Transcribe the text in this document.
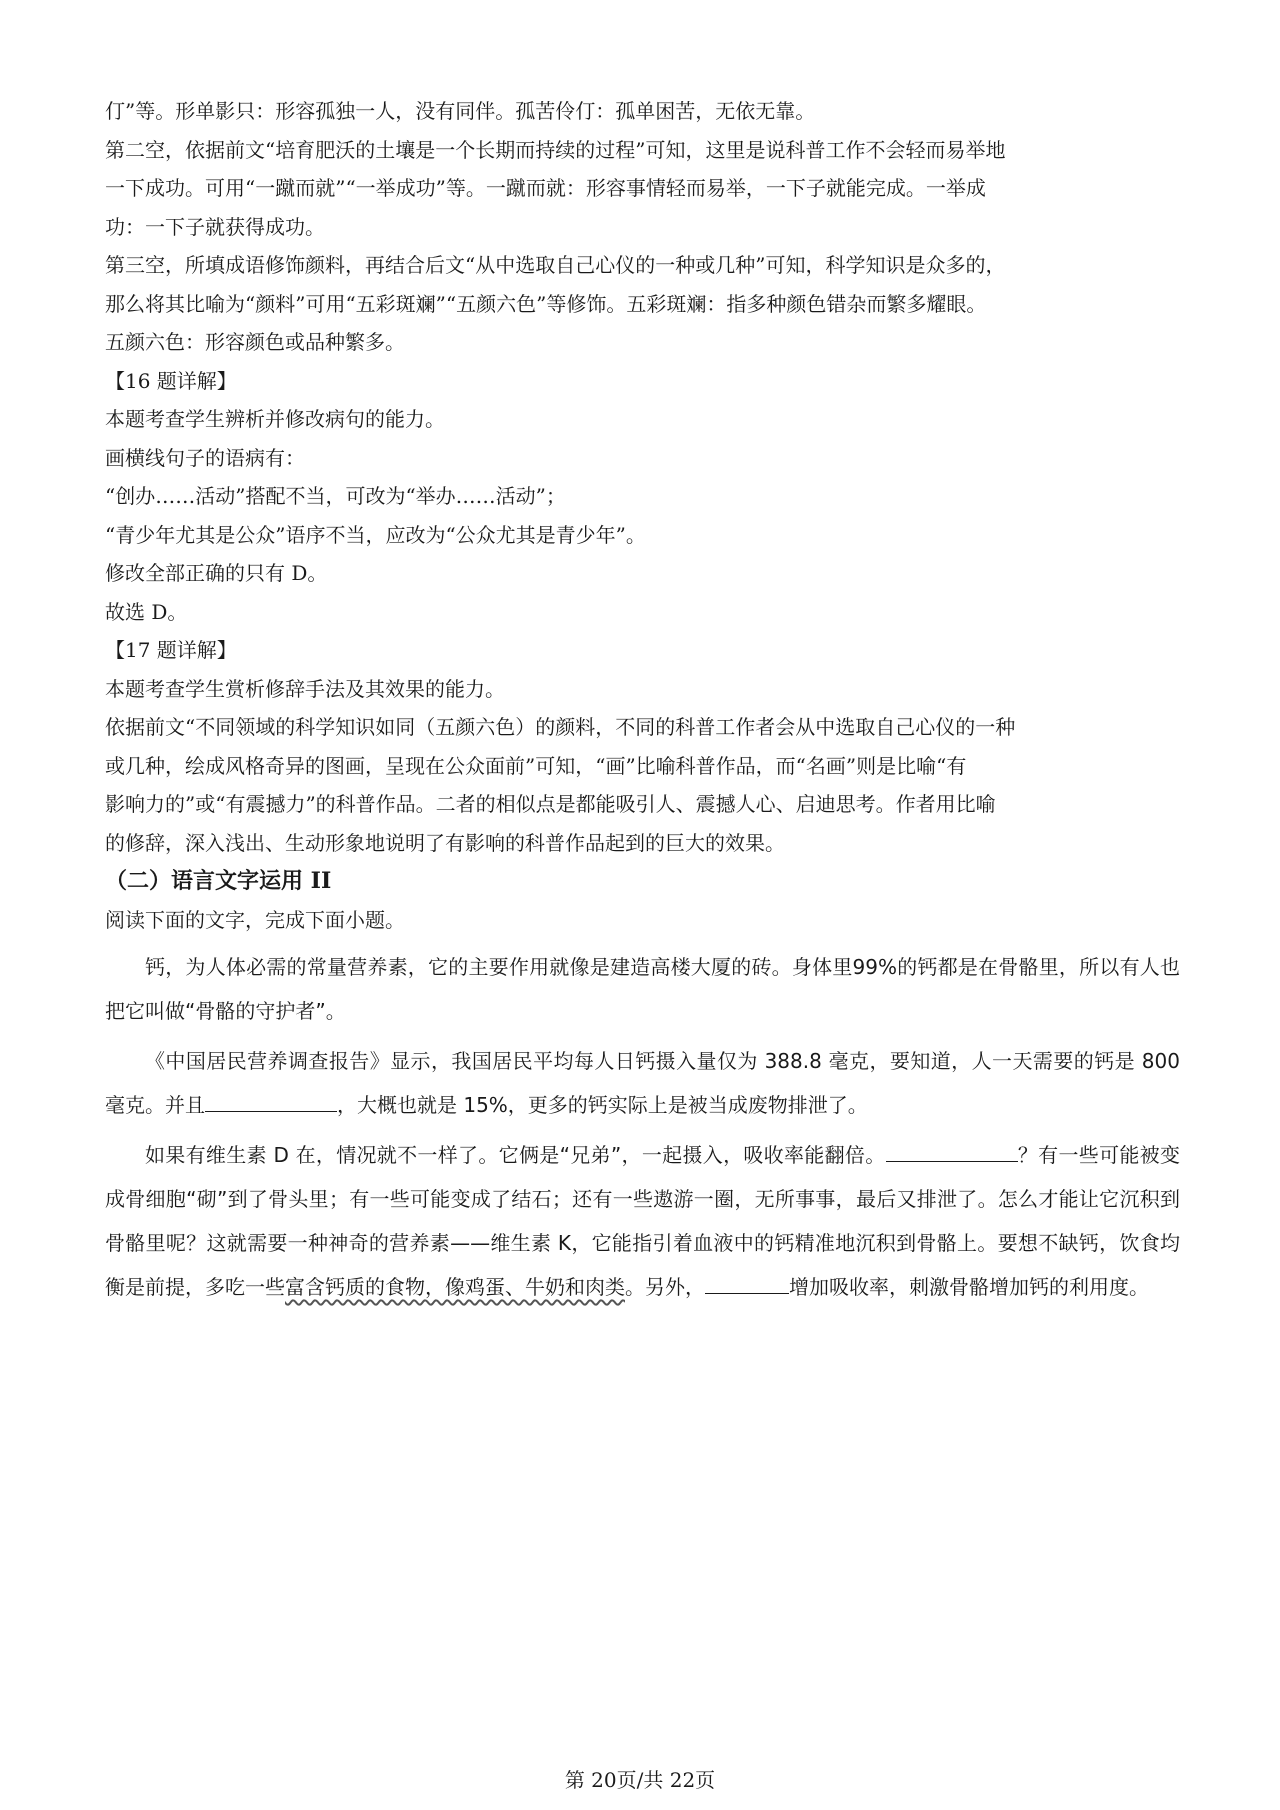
仃”等。形单影只：形容孤独一人，没有同伴。孤苦伶仃：孤单困苦，无依无靠。
第二空，依据前文“培育肥沃的土壤是一个长期而持续的过程”可知，这里是说科普工作不会轻而易举地
一下成功。可用“一蹴而就”“一举成功”等。一蹴而就：形容事情轻而易举，一下子就能完成。一举成
功：一下子就获得成功。
第三空，所填成语修饰颜料，再结合后文“从中选取自己心仪的一种或几种”可知，科学知识是众多的，
那么将其比喻为“颜料”可用“五彩斑斓”“五颜六色”等修饰。五彩斑斓：指多种颜色错杂而繁多耀眼。
五颜六色：形容颜色或品种繁多。
【16 题详解】
本题考查学生辨析并修改病句的能力。
画横线句子的语病有：
“创办……活动”搭配不当，可改为“举办……活动”；
“青少年尤其是公众”语序不当，应改为“公众尤其是青少年”。
修改全部正确的只有 D。
故选 D。
【17 题详解】
本题考查学生赏析修辞手法及其效果的能力。
依据前文“不同领域的科学知识如同（五颜六色）的颜料，不同的科普工作者会从中选取自己心仪的一种
或几种，绘成风格奇异的图画，呈现在公众面前”可知，“画”比喻科普作品，而“名画”则是比喻“有
影响力的”或“有震撼力”的科普作品。二者的相似点是都能吸引人、震撼人心、启迪思考。作者用比喻
的修辞，深入浅出、生动形象地说明了有影响的科普作品起到的巨大的效果。
（二）语言文字运用 II
阅读下面的文字，完成下面小题。

钙，为人体必需的常量营养素，它的主要作用就像是建造高楼大厦的砖。身体里99%的钙都是在骨骼里，所以有人也把它叫做“骨骼的守护者”。

《中国居民营养调查报告》显示，我国居民平均每人日钙摄入量仅为 388.8 毫克，要知道，人一天需要的钙是 800 毫克。并且	，大概也就是 15%，更多的钙实际上是被当成废物排泄了。

如果有维生素 D 在，情况就不一样了。它俩是“兄弟”，一起摄入，吸收率能翻倍。	？有一些可能被变成骨细胞“砌”到了骨头里；有一些可能变成了结石；还有一些遨游一圈，无所事事，最后又排泄了。怎么才能让它沉积到骨骼里呢？这就需要一种神奇的营养素——维生素 K，它能指引着血液中的钙精准地沉积到骨骼上。要想不缺钙，饮食均衡是前提，多吃一些富含钙质的食物，像鸡蛋、牛奶和肉类。另外，	增加吸收率，刺激骨骼增加钙的利用度。

第 20页/共 22页
